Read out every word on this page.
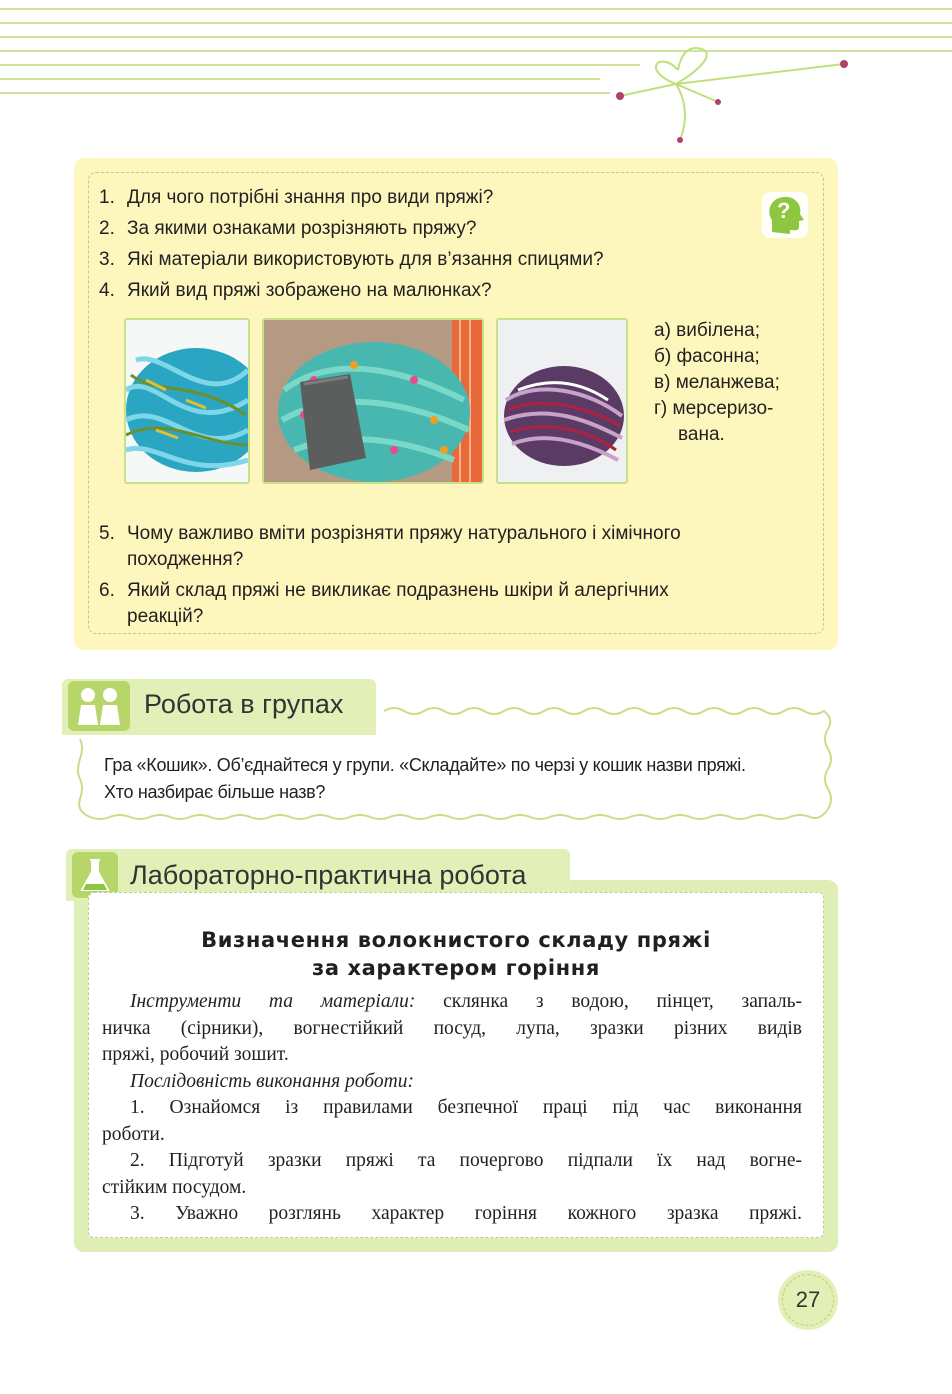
?
1. Для чого потрібні знання про види пряжі?
2. За якими ознаками розрізняють пряжу?
3. Які матеріали використовують для в’язання спицями?
4. Який вид пряжі зображено на малюнках?
а) вибілена;
б) фасонна;
в) меланжева;
г) мерсеризо-
вана.
5. Чому важливо вміти розрізняти пряжу натурального і хімічного
походження?
6. Який склад пряжі не викликає подразнень шкіри й алергічних
реакцій?
Робота в групах
Гра «Кошик». Об’єднайтеся у групи. «Складайте» по черзі у кошик назви пряжі.
Хто назбирає більше назв?
Лабораторно-практична робота
Визначення волокнистого складу пряжі
за характером горіння
Інструменти та матеріали: склянка з водою, пінцет, запаль-
ничка (сірники), вогнестійкий посуд, лупа, зразки різних видів
пряжі, робочий зошит.
Послідовність виконання роботи:
1. Ознайомся із правилами безпечної праці під час виконання
роботи.
2. Підготуй зразки пряжі та почергово підпали їх над вогне-
стійким посудом.
3. Уважно розглянь характер горіння кожного зразка пряжі.
27
